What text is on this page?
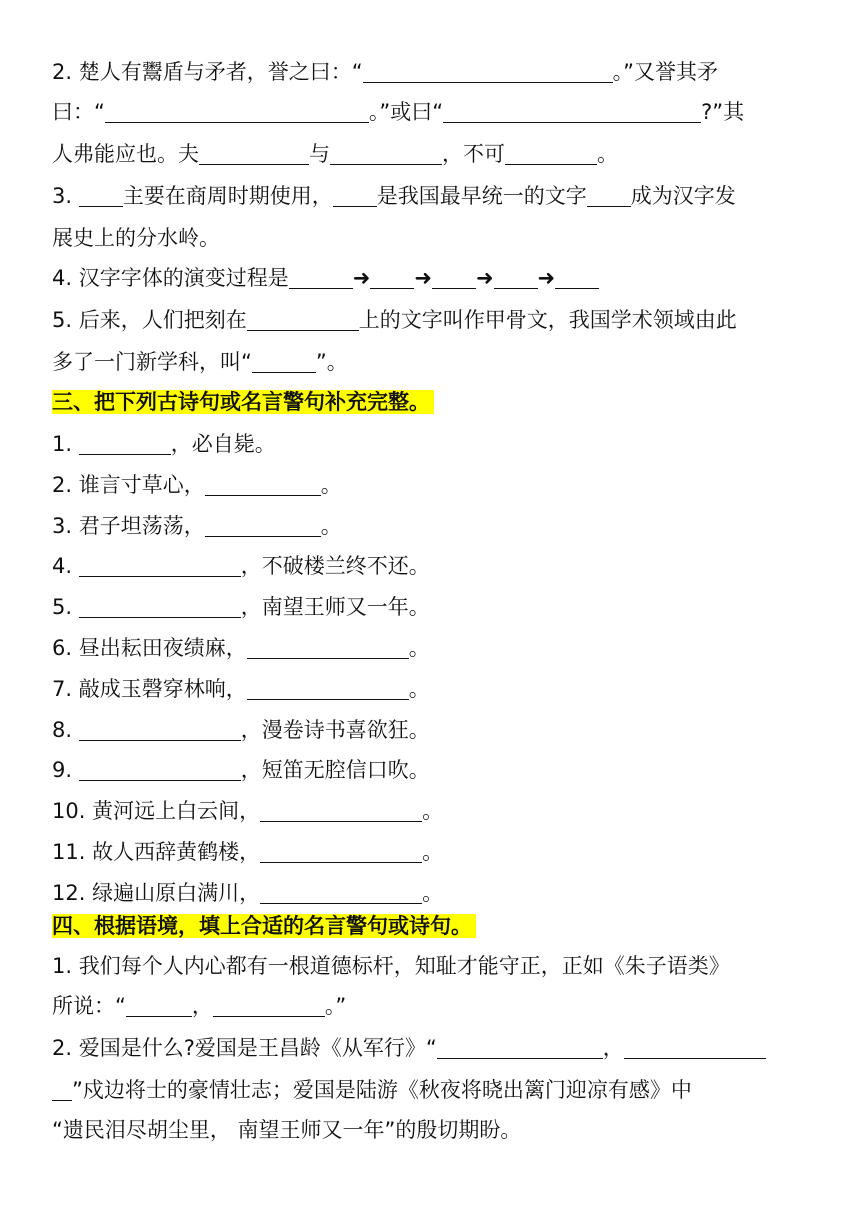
2. 楚人有鬻盾与矛者，誉之曰：“	。”又誉其矛
曰：“	。”或曰“	?”其
人弗能应也。夫	与	，不可	。
3. 主要在商周时期使用， 是我国最早统一的文字 成为汉字发
展史上的分水岭。
4. 汉字字体的演变过程是	➜ ➜ ➜ ➜
5. 后来，人们把刻在	上的文字叫作甲骨文，我国学术领域由此
多了一门新学科，叫“	”。
三、把下列古诗句或名言警句补充完整。
1.	，必自毙。
2. 谁言寸草心，	。
3. 君子坦荡荡，	。
4.	，不破楼兰终不还。
5.	，南望王师又一年。
6. 昼出耘田夜绩麻，	。
7. 敲成玉磬穿林响，	。
8.	，漫卷诗书喜欲狂。
9.	，短笛无腔信口吹。
10. 黄河远上白云间，	。
11. 故人西辞黄鹤楼，	。
12. 绿遍山原白满川，	。
四、根据语境，填上合适的名言警句或诗句。
1. 我们每个人内心都有一根道德标杆，知耻才能守正，正如《朱子语类》
所说：“	，	。”
2. 爱国是什么?爱国是王昌龄《从军行》“	，
”戍边将士的豪情壮志；爱国是陆游《秋夜将晓出篱门迎凉有感》中
“遗民泪尽胡尘里， 南望王师又一年”的殷切期盼。
